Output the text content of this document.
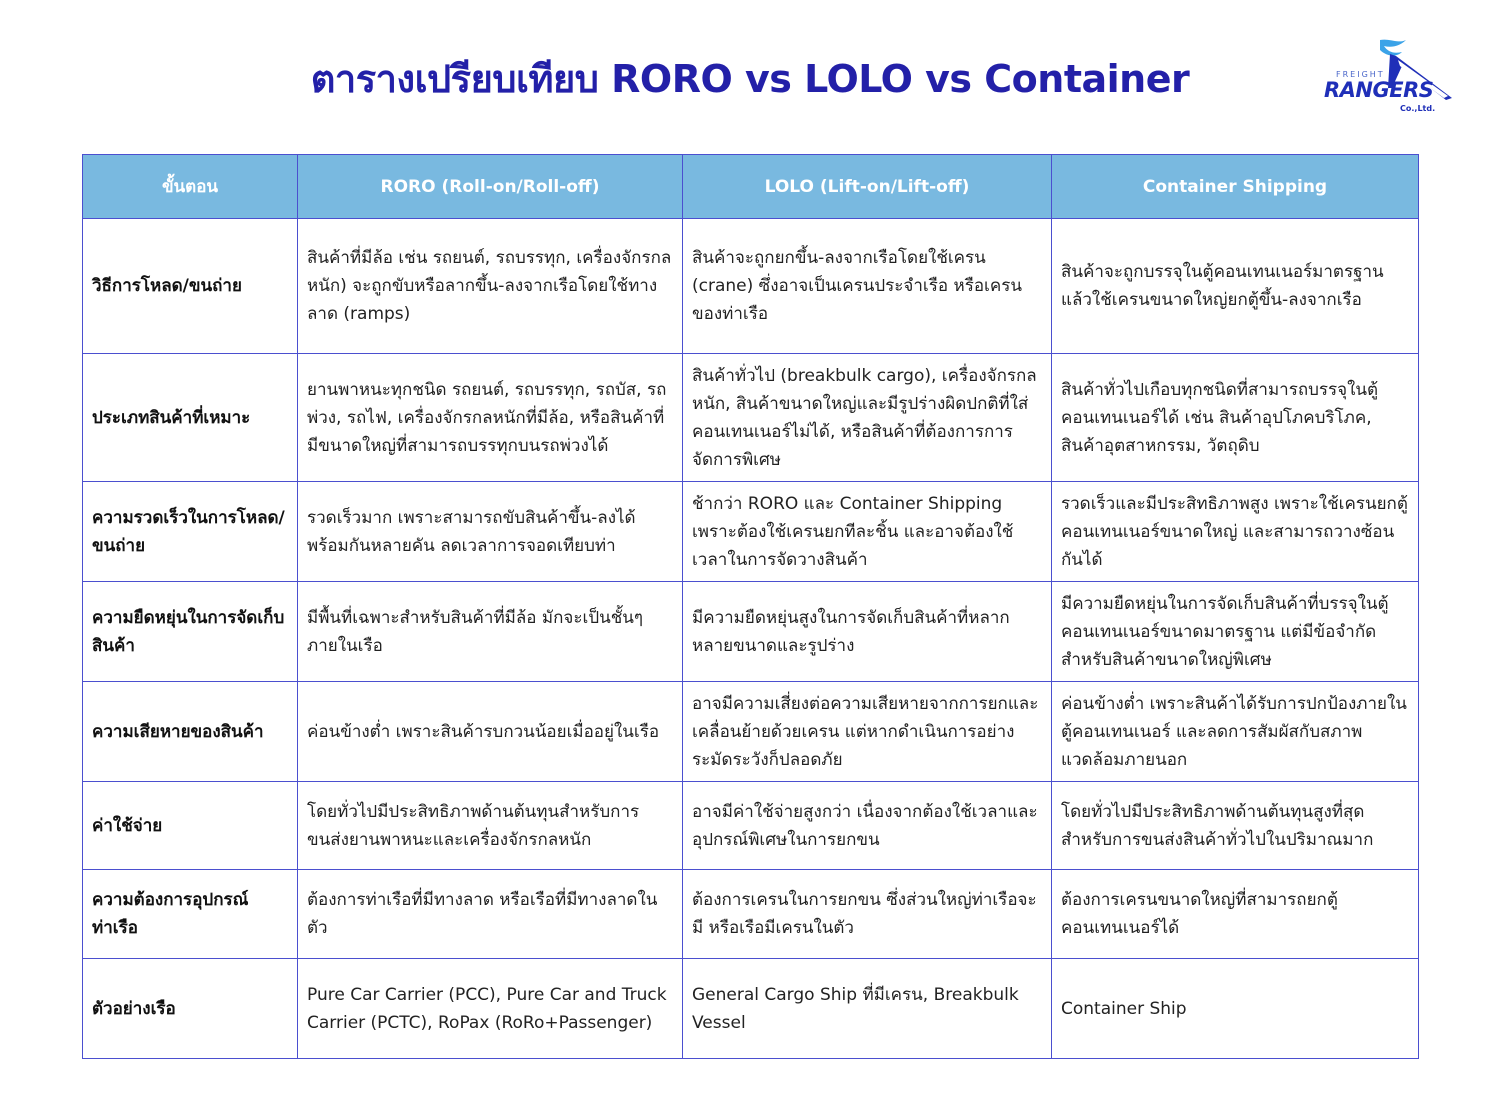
ตารางเปรียบเทียบ RORO vs LOLO vs Container	FREIGHT
RANGERS
Co.,Ltd.
ขั้นตอน	RORO (Roll-on/Roll-off)	LOLO (Lift-on/Lift-off)	Container Shipping
วิธีการโหลด/ขนถ่าย	สินค้าที่มีล้อ เช่น รถยนต์, รถบรรทุก, เครื่องจักรกลหนัก) จะถูกขับหรือลากขึ้น-ลงจากเรือโดยใช้ทางลาด (ramps)	สินค้าจะถูกยกขึ้น-ลงจากเรือโดยใช้เครน (crane) ซึ่งอาจเป็นเครนประจำเรือ หรือเครนของท่าเรือ	สินค้าจะถูกบรรจุในตู้คอนเทนเนอร์มาตรฐาน แล้วใช้เครนขนาดใหญ่ยกตู้ขึ้น-ลงจากเรือ
ประเภทสินค้าที่เหมาะ	ยานพาหนะทุกชนิด รถยนต์, รถบรรทุก, รถบัส, รถพ่วง, รถไฟ, เครื่องจักรกลหนักที่มีล้อ, หรือสินค้าที่มีขนาดใหญ่ที่สามารถบรรทุกบนรถพ่วงได้	สินค้าทั่วไป (breakbulk cargo), เครื่องจักรกลหนัก, สินค้าขนาดใหญ่และมีรูปร่างผิดปกติที่ใส่คอนเทนเนอร์ไม่ได้, หรือสินค้าที่ต้องการการจัดการพิเศษ	สินค้าทั่วไปเกือบทุกชนิดที่สามารถบรรจุในตู้คอนเทนเนอร์ได้ เช่น สินค้าอุปโภคบริโภค, สินค้าอุตสาหกรรม, วัตถุดิบ
ความรวดเร็วในการโหลด/ขนถ่าย	รวดเร็วมาก เพราะสามารถขับสินค้าขึ้น-ลงได้พร้อมกันหลายคัน ลดเวลาการจอดเทียบท่า	ช้ากว่า RORO และ Container Shipping เพราะต้องใช้เครนยกทีละชิ้น และอาจต้องใช้เวลาในการจัดวางสินค้า	รวดเร็วและมีประสิทธิภาพสูง เพราะใช้เครนยกตู้คอนเทนเนอร์ขนาดใหญ่ และสามารถวางซ้อนกันได้
ความยืดหยุ่นในการจัดเก็บสินค้า	มีพื้นที่เฉพาะสำหรับสินค้าที่มีล้อ มักจะเป็นชั้นๆ ภายในเรือ	มีความยืดหยุ่นสูงในการจัดเก็บสินค้าที่หลากหลายขนาดและรูปร่าง	มีความยืดหยุ่นในการจัดเก็บสินค้าที่บรรจุในตู้คอนเทนเนอร์ขนาดมาตรฐาน แต่มีข้อจำกัดสำหรับสินค้าขนาดใหญ่พิเศษ
ความเสียหายของสินค้า	ค่อนข้างต่ำ เพราะสินค้ารบกวนน้อยเมื่ออยู่ในเรือ	อาจมีความเสี่ยงต่อความเสียหายจากการยกและเคลื่อนย้ายด้วยเครน แต่หากดำเนินการอย่างระมัดระวังก็ปลอดภัย	ค่อนข้างต่ำ เพราะสินค้าได้รับการปกป้องภายในตู้คอนเทนเนอร์ และลดการสัมผัสกับสภาพแวดล้อมภายนอก
ค่าใช้จ่าย	โดยทั่วไปมีประสิทธิภาพด้านต้นทุนสำหรับการขนส่งยานพาหนะและเครื่องจักรกลหนัก	อาจมีค่าใช้จ่ายสูงกว่า เนื่องจากต้องใช้เวลาและอุปกรณ์พิเศษในการยกขน	โดยทั่วไปมีประสิทธิภาพด้านต้นทุนสูงที่สุดสำหรับการขนส่งสินค้าทั่วไปในปริมาณมาก
ความต้องการอุปกรณ์ท่าเรือ	ต้องการท่าเรือที่มีทางลาด หรือเรือที่มีทางลาดในตัว	ต้องการเครนในการยกขน ซึ่งส่วนใหญ่ท่าเรือจะมี หรือเรือมีเครนในตัว	ต้องการเครนขนาดใหญ่ที่สามารถยกตู้คอนเทนเนอร์ได้
ตัวอย่างเรือ	Pure Car Carrier (PCC), Pure Car and Truck Carrier (PCTC), RoPax (RoRo+Passenger)	General Cargo Ship ที่มีเครน, Breakbulk Vessel	Container Ship
